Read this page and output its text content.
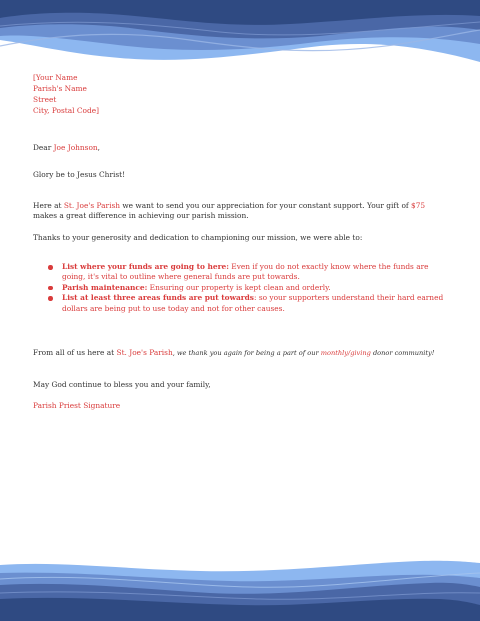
[Your Name
Parish's Name
Street
City, Postal Code]
Dear Joe Johnson,
Glory be to Jesus Christ!
Here at St. Joe's Parish we want to send you our appreciation for your constant support. Your gift of $75 makes a great difference in achieving our parish mission.
Thanks to your generosity and dedication to championing our mission, we were able to:
List where your funds are going to here: Even if you do not exactly know where the funds are going, it's vital to outline where general funds are put towards.
Parish maintenance: Ensuring our property is kept clean and orderly.
List at least three areas funds are put towards: so your supporters understand their hard earned dollars are being put to use today and not for other causes.
From all of us here at St. Joe's Parish, we thank you again for being a part of our monthly/giving donor community!
May God continue to bless you and your family,
Parish Priest Signature
